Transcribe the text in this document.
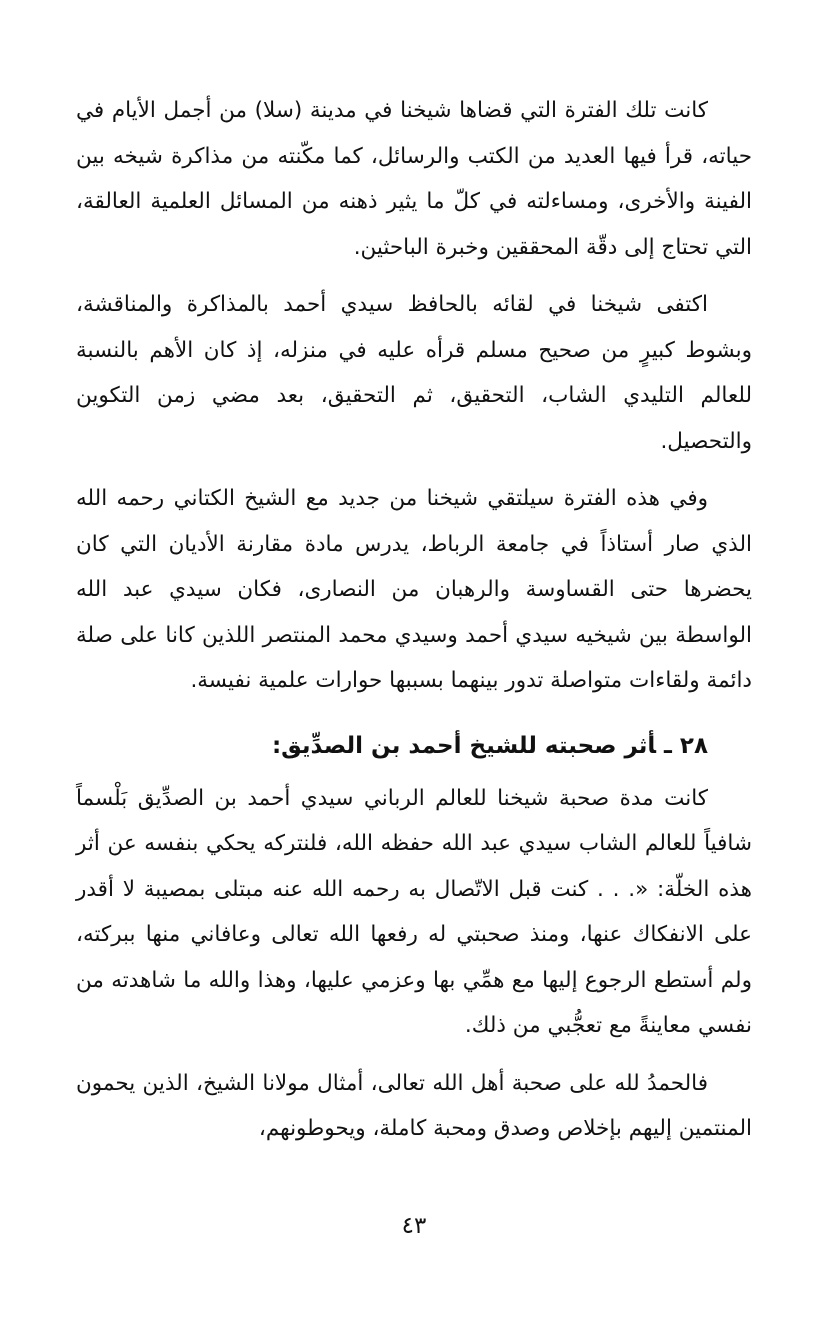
كانت تلك الفترة التي قضاها شيخنا في مدينة (سلا) من أجمل الأيام في حياته، قرأ فيها العديد من الكتب والرسائل، كما مكّنته من مذاكرة شيخه بين الفينة والأخرى، ومساءلته في كلّ ما يثير ذهنه من المسائل العلمية العالقة، التي تحتاج إلى دقّة المحققين وخبرة الباحثين.

اكتفى شيخنا في لقائه بالحافظ سيدي أحمد بالمذاكرة والمناقشة، وبشوط كبيرٍ من صحيح مسلم قرأه عليه في منزله، إذ كان الأهم بالنسبة للعالم التليدي الشاب، التحقيق، ثم التحقيق، بعد مضي زمن التكوين والتحصيل.

وفي هذه الفترة سيلتقي شيخنا من جديد مع الشيخ الكتاني رحمه الله الذي صار أستاذاً في جامعة الرباط، يدرس مادة مقارنة الأديان التي كان يحضرها حتى القساوسة والرهبان من النصارى، فكان سيدي عبد الله الواسطة بين شيخيه سيدي أحمد وسيدي محمد المنتصر اللذين كانا على صلة دائمة ولقاءات متواصلة تدور بينهما بسببها حوارات علمية نفيسة.

٢٨ ـأثر صحبته للشيخ أحمد بن الصدِّيق:

كانت مدة صحبة شيخنا للعالم الرباني سيدي أحمد بن الصدِّيق بَلْسماً شافياً للعالم الشاب سيدي عبد الله حفظه الله، فلنتركه يحكي بنفسه عن أثر هذه الخلّة: «. . . كنت قبل الاتّصال به رحمه الله عنه مبتلى بمصيبة لا أقدر على الانفكاك عنها، ومنذ صحبتي له رفعها الله تعالى وعافاني منها ببركته، ولم أستطع الرجوع إليها مع همِّي بها وعزمي عليها، وهذا والله ما شاهدته من نفسي معاينةً مع تعجُّبي من ذلك.

فالحمدُ لله على صحبة أهل الله تعالى، أمثال مولانا الشيخ، الذين يحمون المنتمين إليهم بإخلاص وصدق ومحبة كاملة، ويحوطونهم،

٤٣
